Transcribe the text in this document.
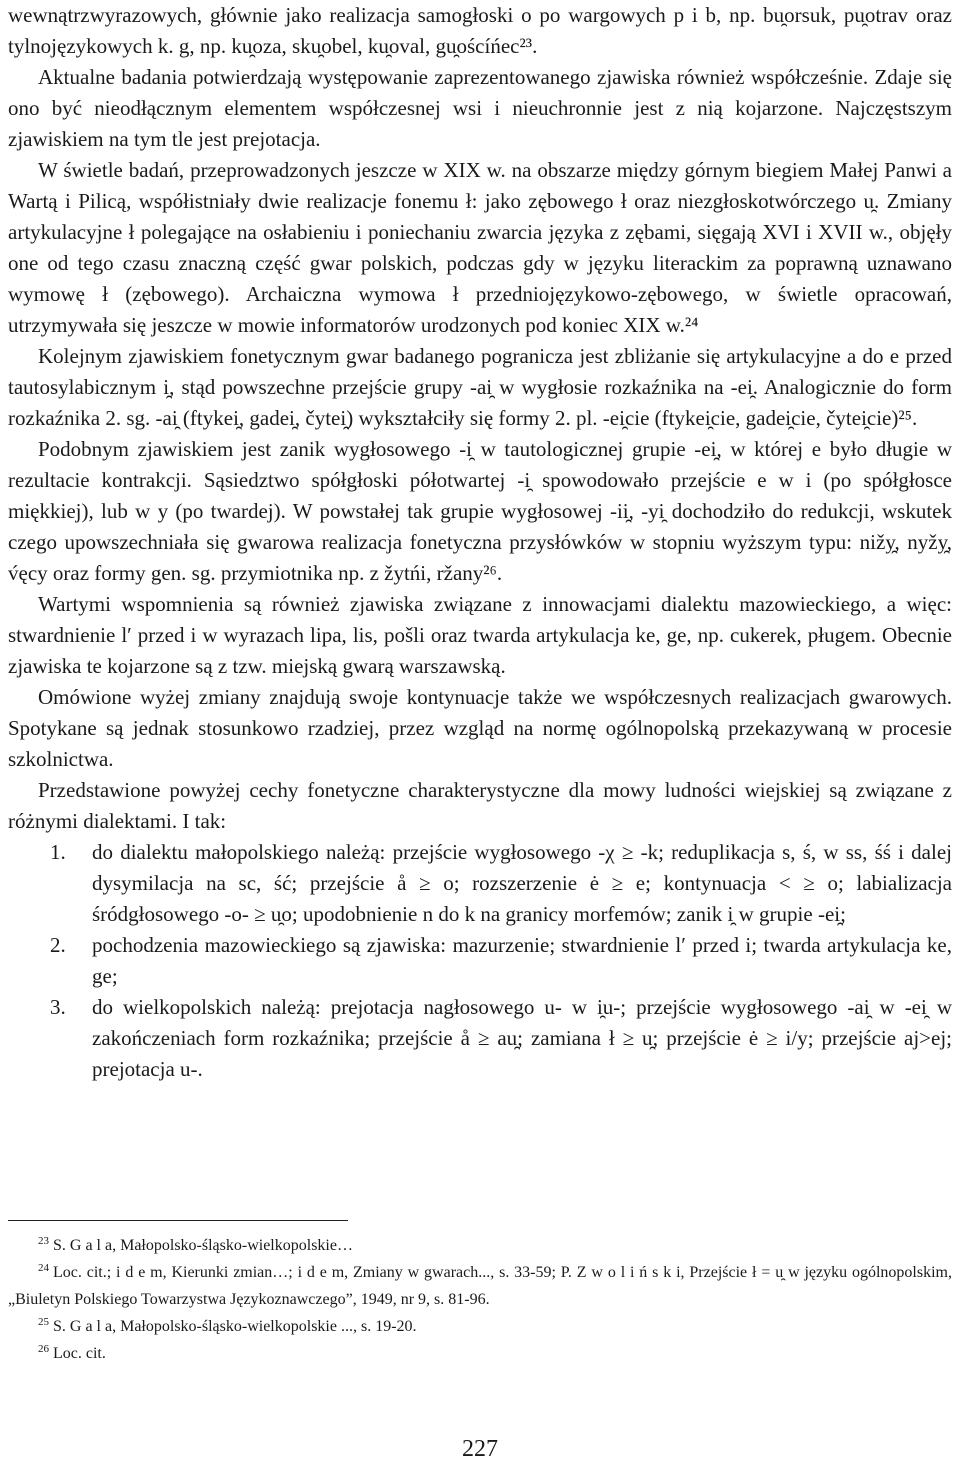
wewnątrzwyrazowych, głównie jako realizacja samogłoski o po wargowych p i b, np. bu̯orsuk, pu̯otrav oraz tylnojęzykowych k. g, np. ku̯oza, sku̯obel, ku̯oval, gu̯oścíńec²³.

Aktualne badania potwierdzają występowanie zaprezentowanego zjawiska również współcześnie. Zdaje się ono być nieodłącznym elementem współczesnej wsi i nieuchronnie jest z nią kojarzone. Najczęstszym zjawiskiem na tym tle jest prejotacja.

W świetle badań, przeprowadzonych jeszcze w XIX w. na obszarze między górnym biegiem Małej Panwi a Wartą i Pilicą, współistniały dwie realizacje fonemu ł: jako zębowego ł oraz niezgłoskotwórczego u̯. Zmiany artykulacyjne ł polegające na osłabieniu i poniechaniu zwarcia języka z zębami, sięgają XVI i XVII w., objęły one od tego czasu znaczną część gwar polskich, podczas gdy w języku literackim za poprawną uznawano wymowę ł (zębowego). Archaiczna wymowa ł przedniojęzykowo-zębowego, w świetle opracowań, utrzymywała się jeszcze w mowie informatorów urodzonych pod koniec XIX w.²⁴

Kolejnym zjawiskiem fonetycznym gwar badanego pogranicza jest zbliżanie się artykulacyjne a do e przed tautosylabicznym i̯, stąd powszechne przejście grupy -ai̯ w wygłosie rozkaźnika na -ei̯. Analogicznie do form rozkaźnika 2. sg. -ai̯ (ftykei̯, gadei̯, čytei̯) wykształciły się formy 2. pl. -ei̯cie (ftykei̯cie, gadei̯cie, čytei̯cie)²⁵.

Podobnym zjawiskiem jest zanik wygłosowego -i̯ w tautologicznej grupie -ei̯, w której e było długie w rezultacie kontrakcji. Sąsiedztwo spółgłoski półotwartej -i̯ spowodowało przejście e w i (po spółgłosce miękkiej), lub w y (po twardej). W powstałej tak grupie wygłosowej -ii̯, -yi̯ dochodziło do redukcji, wskutek czego upowszechniała się gwarowa realizacja fonetyczna przysłówków w stopniu wyższym typu: nižy̯, nyžy̯, v́ęcy oraz formy gen. sg. przymiotnika np. z žytńi, ržany²⁶.

Wartymi wspomnienia są również zjawiska związane z innowacjami dialektu mazowieckiego, a więc: stwardnienie l′ przed i w wyrazach lipa, lis, pošli oraz twarda artykulacja ke, ge, np. cukerek, pługem. Obecnie zjawiska te kojarzone są z tzw. miejską gwarą warszawską.

Omówione wyżej zmiany znajdują swoje kontynuacje także we współczesnych realizacjach gwarowych. Spotykane są jednak stosunkowo rzadziej, przez wzgląd na normę ogólnopolską przekazywaną w procesie szkolnictwa.

Przedstawione powyżej cechy fonetyczne charakterystyczne dla mowy ludności wiejskiej są związane z różnymi dialektami. I tak:

1. do dialektu małopolskiego należą: przejście wygłosowego -χ ≥ -k; reduplikacja s, ś, w ss, śś i dalej dysymilacja na sc, ść; przejście å ≥ o; rozszerzenie ė ≥ e; kontynuacja < ≥ o; labializacja śródgłosowego -o- ≥ u̯o; upodobnienie n do k na granicy morfemów; zanik i̯ w grupie -ei̯;
2. pochodzenia mazowieckiego są zjawiska: mazurzenie; stwardnienie l′ przed i; twarda artykulacja ke, ge;
3. do wielkopolskich należą: prejotacja nagłosowego u- w i̯u-; przejście wygłosowego -ai̯ w -ei̯ w zakończeniach form rozkaźnika; przejście å ≥ au̯; zamiana ł ≥ u̯; przejście ė ≥ i/y; przejście aj>ej; prejotacja u-.

$^{23}$ S. G a l a, Małopolsko-śląsko-wielkopolskie…

$^{24}$ Loc. cit.; i d e m, Kierunki zmian…; i d e m, Zmiany w gwarach..., s. 33-59; P. Z w o l i ń s k i, Przejście ł = u̯ w języku ogólnopolskim, „Biuletyn Polskiego Towarzystwa Językoznawczego”, 1949, nr 9, s. 81-96.

$^{25}$ S. G a l a, Małopolsko-śląsko-wielkopolskie ..., s. 19-20.

$^{26}$ Loc. cit.

227
